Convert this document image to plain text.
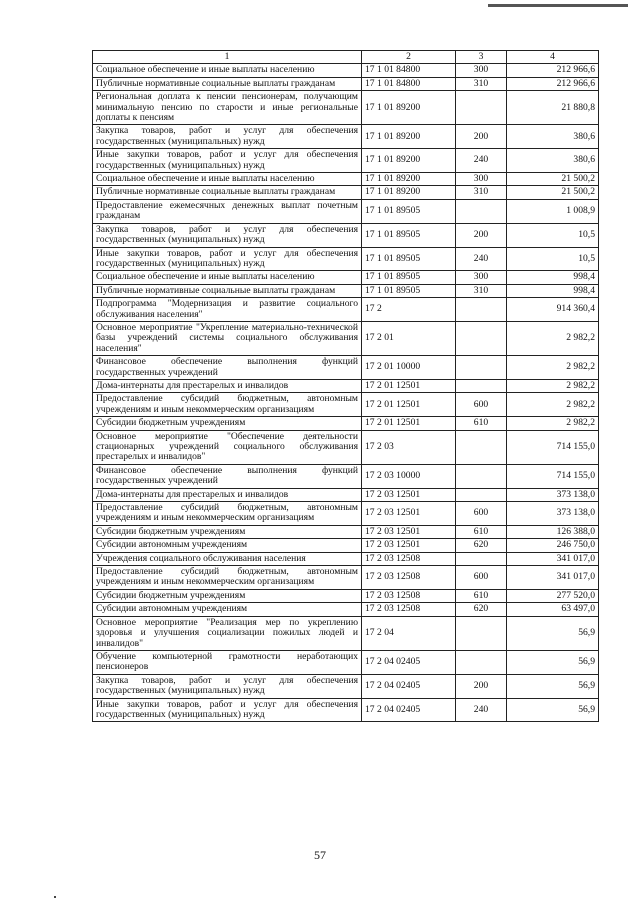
1	2	3	4
Социальное обеспечение и иные выплаты населению	17 1 01 84800	300	212 966,6
Публичные нормативные социальные выплаты гражданам	17 1 01 84800	310	212 966,6
Региональная доплата к пенсии пенсионерам, получающим минимальную пенсию по старости и иные региональные доплаты к пенсиям	17 1 01 89200		21 880,8
Закупка товаров, работ и услуг для обеспечения государственных (муниципальных) нужд	17 1 01 89200	200	380,6
Иные закупки товаров, работ и услуг для обеспечения государственных (муниципальных) нужд	17 1 01 89200	240	380,6
Социальное обеспечение и иные выплаты населению	17 1 01 89200	300	21 500,2
Публичные нормативные социальные выплаты гражданам	17 1 01 89200	310	21 500,2
Предоставление ежемесячных денежных выплат почетным гражданам	17 1 01 89505		1 008,9
Закупка товаров, работ и услуг для обеспечения государственных (муниципальных) нужд	17 1 01 89505	200	10,5
Иные закупки товаров, работ и услуг для обеспечения государственных (муниципальных) нужд	17 1 01 89505	240	10,5
Социальное обеспечение и иные выплаты населению	17 1 01 89505	300	998,4
Публичные нормативные социальные выплаты гражданам	17 1 01 89505	310	998,4
Подпрограмма "Модернизация и развитие социального обслуживания населения"	17 2		914 360,4
Основное мероприятие "Укрепление материально-технической базы учреждений системы социального обслуживания населения"	17 2 01		2 982,2
Финансовое обеспечение выполнения функций государственных учреждений	17 2 01 10000		2 982,2
Дома-интернаты для престарелых и инвалидов	17 2 01 12501		2 982,2
Предоставление субсидий бюджетным, автономным учреждениям и иным некоммерческим организациям	17 2 01 12501	600	2 982,2
Субсидии бюджетным учреждениям	17 2 01 12501	610	2 982,2
Основное мероприятие "Обеспечение деятельности стационарных учреждений социального обслуживания престарелых и инвалидов"	17 2 03		714 155,0
Финансовое обеспечение выполнения функций государственных учреждений	17 2 03 10000		714 155,0
Дома-интернаты для престарелых и инвалидов	17 2 03 12501		373 138,0
Предоставление субсидий бюджетным, автономным учреждениям и иным некоммерческим организациям	17 2 03 12501	600	373 138,0
Субсидии бюджетным учреждениям	17 2 03 12501	610	126 388,0
Субсидии автономным учреждениям	17 2 03 12501	620	246 750,0
Учреждения социального обслуживания населения	17 2 03 12508		341 017,0
Предоставление субсидий бюджетным, автономным учреждениям и иным некоммерческим организациям	17 2 03 12508	600	341 017,0
Субсидии бюджетным учреждениям	17 2 03 12508	610	277 520,0
Субсидии автономным учреждениям	17 2 03 12508	620	63 497,0
Основное мероприятие "Реализация мер по укреплению здоровья и улучшения социализации пожилых людей и инвалидов"	17 2 04		56,9
Обучение компьютерной грамотности неработающих пенсионеров	17 2 04 02405		56,9
Закупка товаров, работ и услуг для обеспечения государственных (муниципальных) нужд	17 2 04 02405	200	56,9
Иные закупки товаров, работ и услуг для обеспечения государственных (муниципальных) нужд	17 2 04 02405	240	56,9
57
